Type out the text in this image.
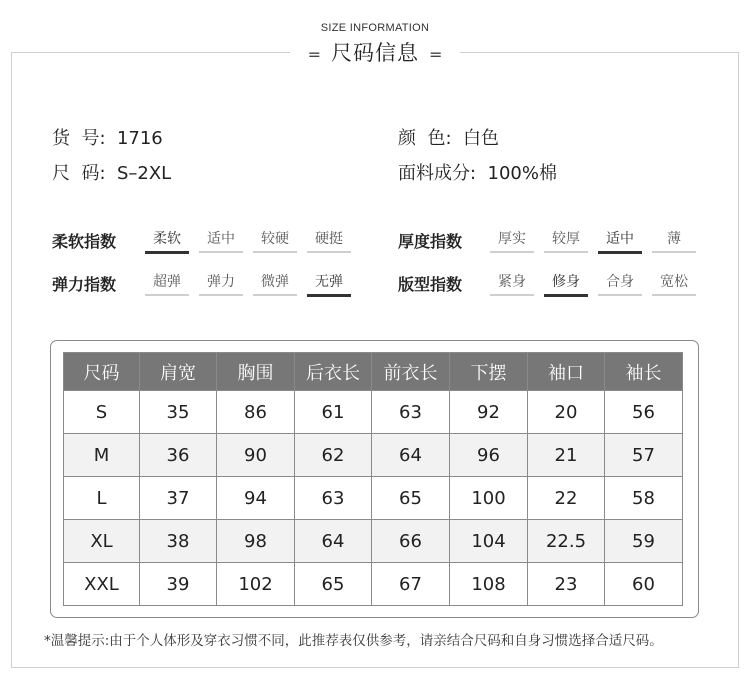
SIZE INFORMATION
= 尺码信息 =
货  号:  1716
尺  码:  S–2XL
颜  色:  白色
面料成分:  100%棉
柔软指数	柔软	适中	较硬	硬挺	厚度指数	厚实	较厚	适中	薄
弹力指数	超弹	弹力	微弹	无弹	版型指数	紧身	修身	合身	宽松
尺码	肩宽	胸围	后衣长	前衣长	下摆	袖口	袖长
S	35	86	61	63	92	20	56
M	36	90	62	64	96	21	57
L	37	94	63	65	100	22	58
XL	38	98	64	66	104	22.5	59
XXL	39	102	65	67	108	23	60
*温馨提示:由于个人体形及穿衣习惯不同，此推荐表仅供参考，请亲结合尺码和自身习惯选择合适尺码。
